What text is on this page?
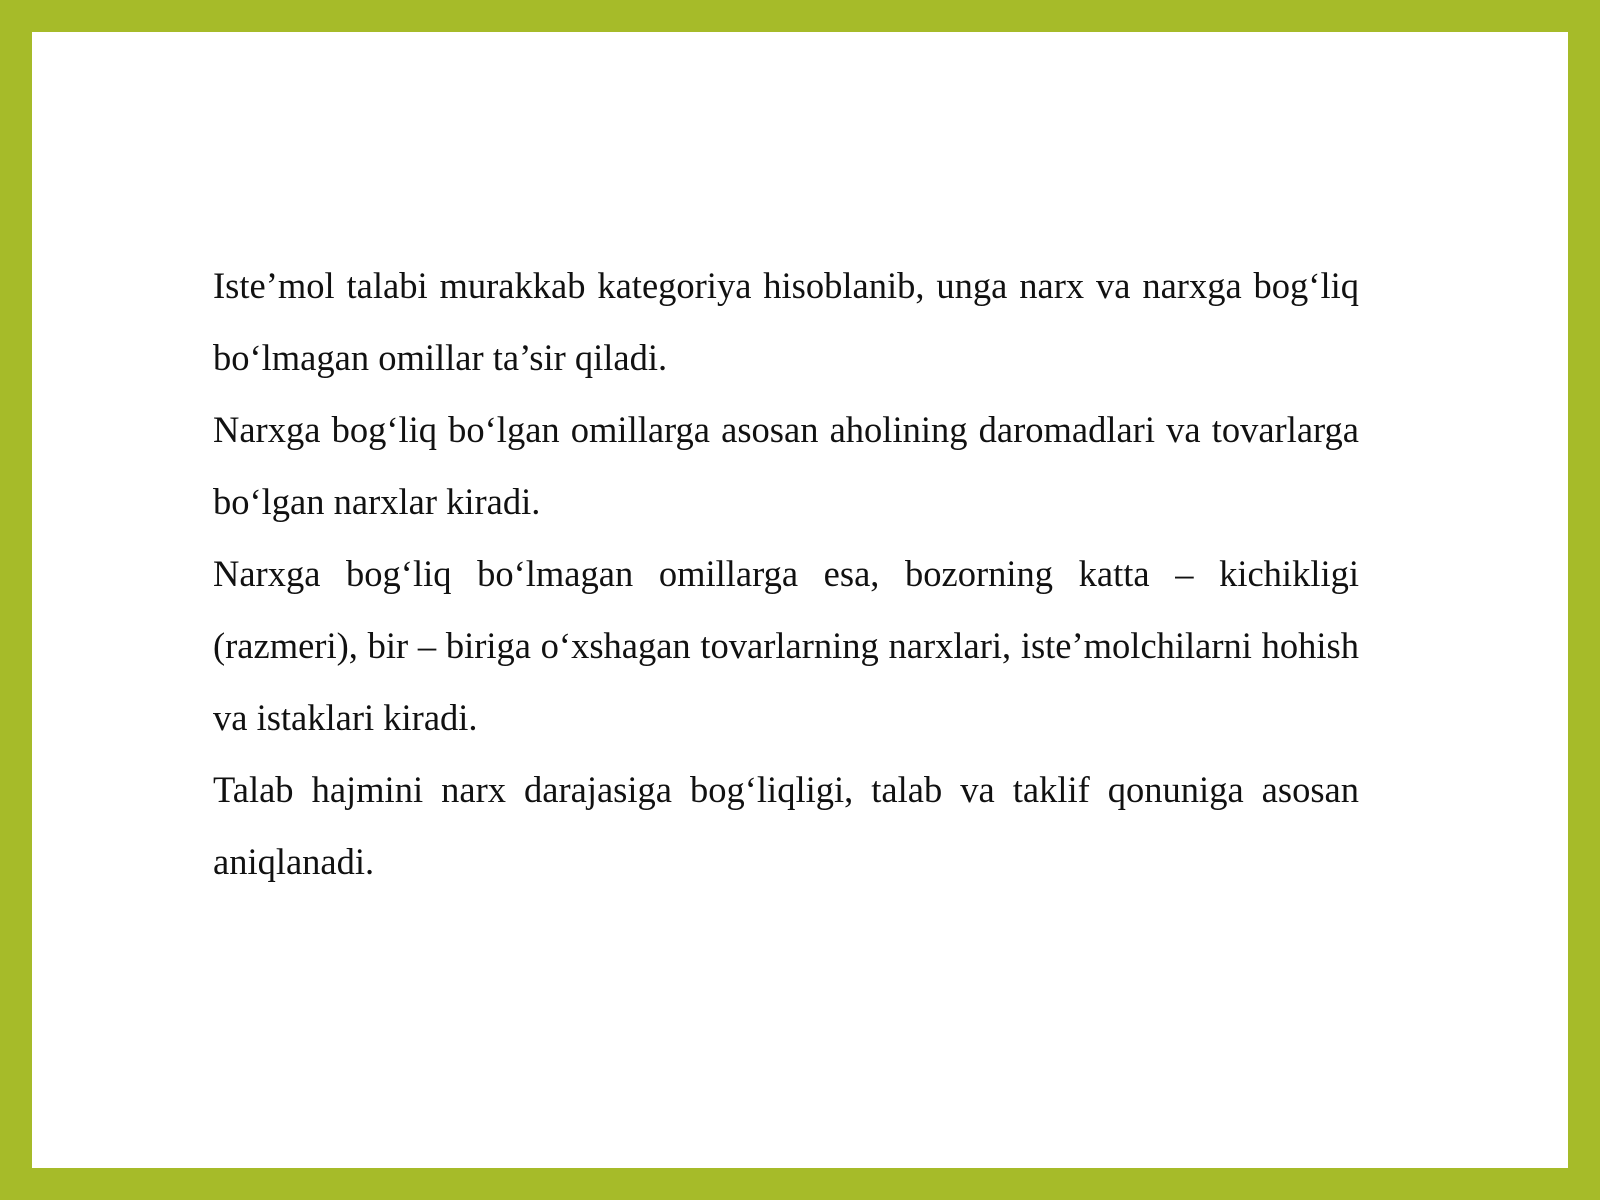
Iste’mol talabi murakkab kategoriya hisoblanib, unga narx va narxga bog‘liq bo‘lmagan omillar ta’sir qiladi.

Narxga bog‘liq bo‘lgan omillarga asosan aholining daromadlari va tovarlarga bo‘lgan narxlar kiradi.

Narxga bog‘liq bo‘lmagan omillarga esa, bozorning katta – kichikligi (razmeri), bir – biriga o‘xshagan tovarlarning narxlari, iste’molchilarni hohish va istaklari kiradi.

Talab hajmini narx darajasiga bog‘liqligi, talab va taklif qonuniga asosan aniqlanadi.
